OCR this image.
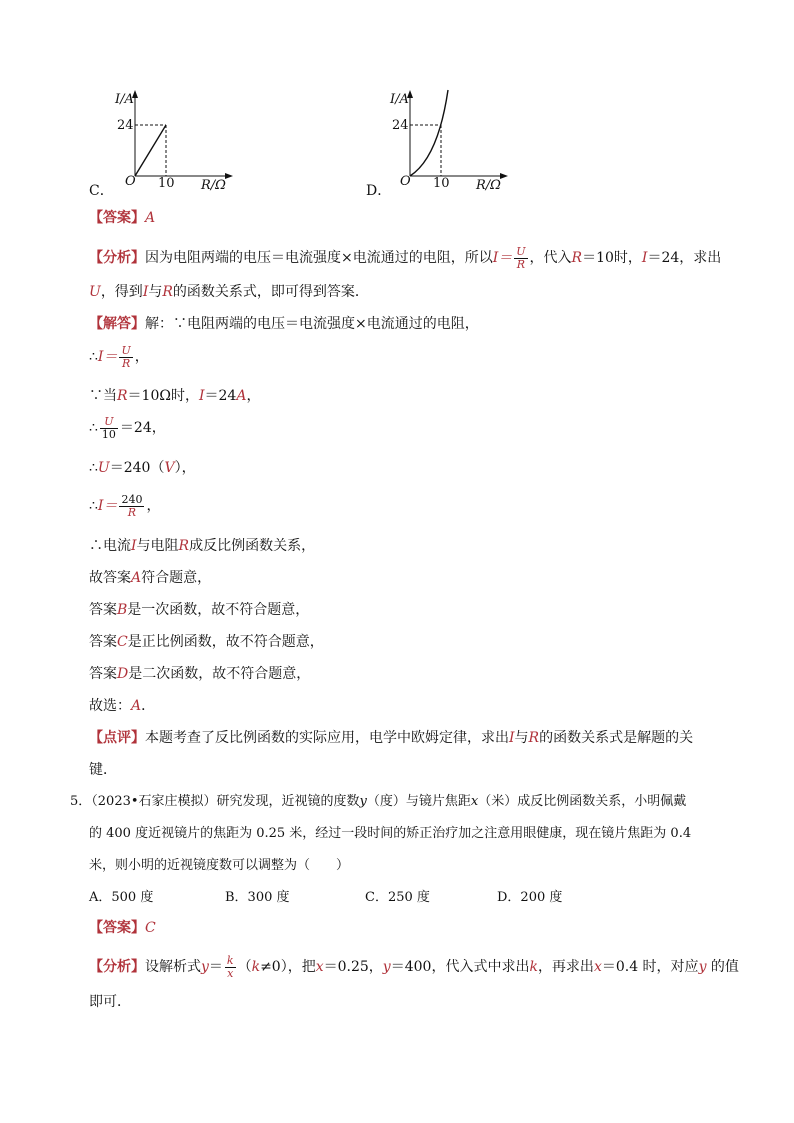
C．
I/A
24
O 10 R/Ω	D．
I/A
24
O 10 R/Ω
【答案】A
【分析】因为电阻两端的电压＝电流强度×电流通过的电阻，所以$I= \frac{U}{R}$ ，代入R＝10时，I＝24，求出
U，得到I与R的函数关系式，即可得到答案．
【解答】解：∵电阻两端的电压＝电流强度×电流通过的电阻，
∴I＝ $\frac{U}{R}$ ，
∵当R＝10Ω时，I＝24A，
∴ $\frac{U}{10} =24$，
∴U＝240（V），
∴I＝ $\frac{240}{R}$ ，
∴电流I与电阻R成反比例函数关系，
故答案A符合题意，
答案B是一次函数，故不符合题意，
答案C是正比例函数，故不符合题意，
答案D是二次函数，故不符合题意，
故选：A．
【点评】本题考查了反比例函数的实际应用，电学中欧姆定律，求出I与R的函数关系式是解题的关
键．
5．（2023•石家庄模拟）研究发现，近视镜的度数y（度）与镜片焦距x（米）成反比例函数关系，小明佩戴
的 400 度近视镜片的焦距为 0.25 米，经过一段时间的矫正治疗加之注意用眼健康，现在镜片焦距为 0.4
米，则小明的近视镜度数可以调整为（　　）
A．500 度	B．300 度	C．250 度	D．200 度
【答案】C
【分析】设解析式$y= \frac{k}{x} (k\ne 0)$，把x＝0.25，y＝400，代入式中求出k，再求出x＝0.4 时，对应y 的值
即可．
